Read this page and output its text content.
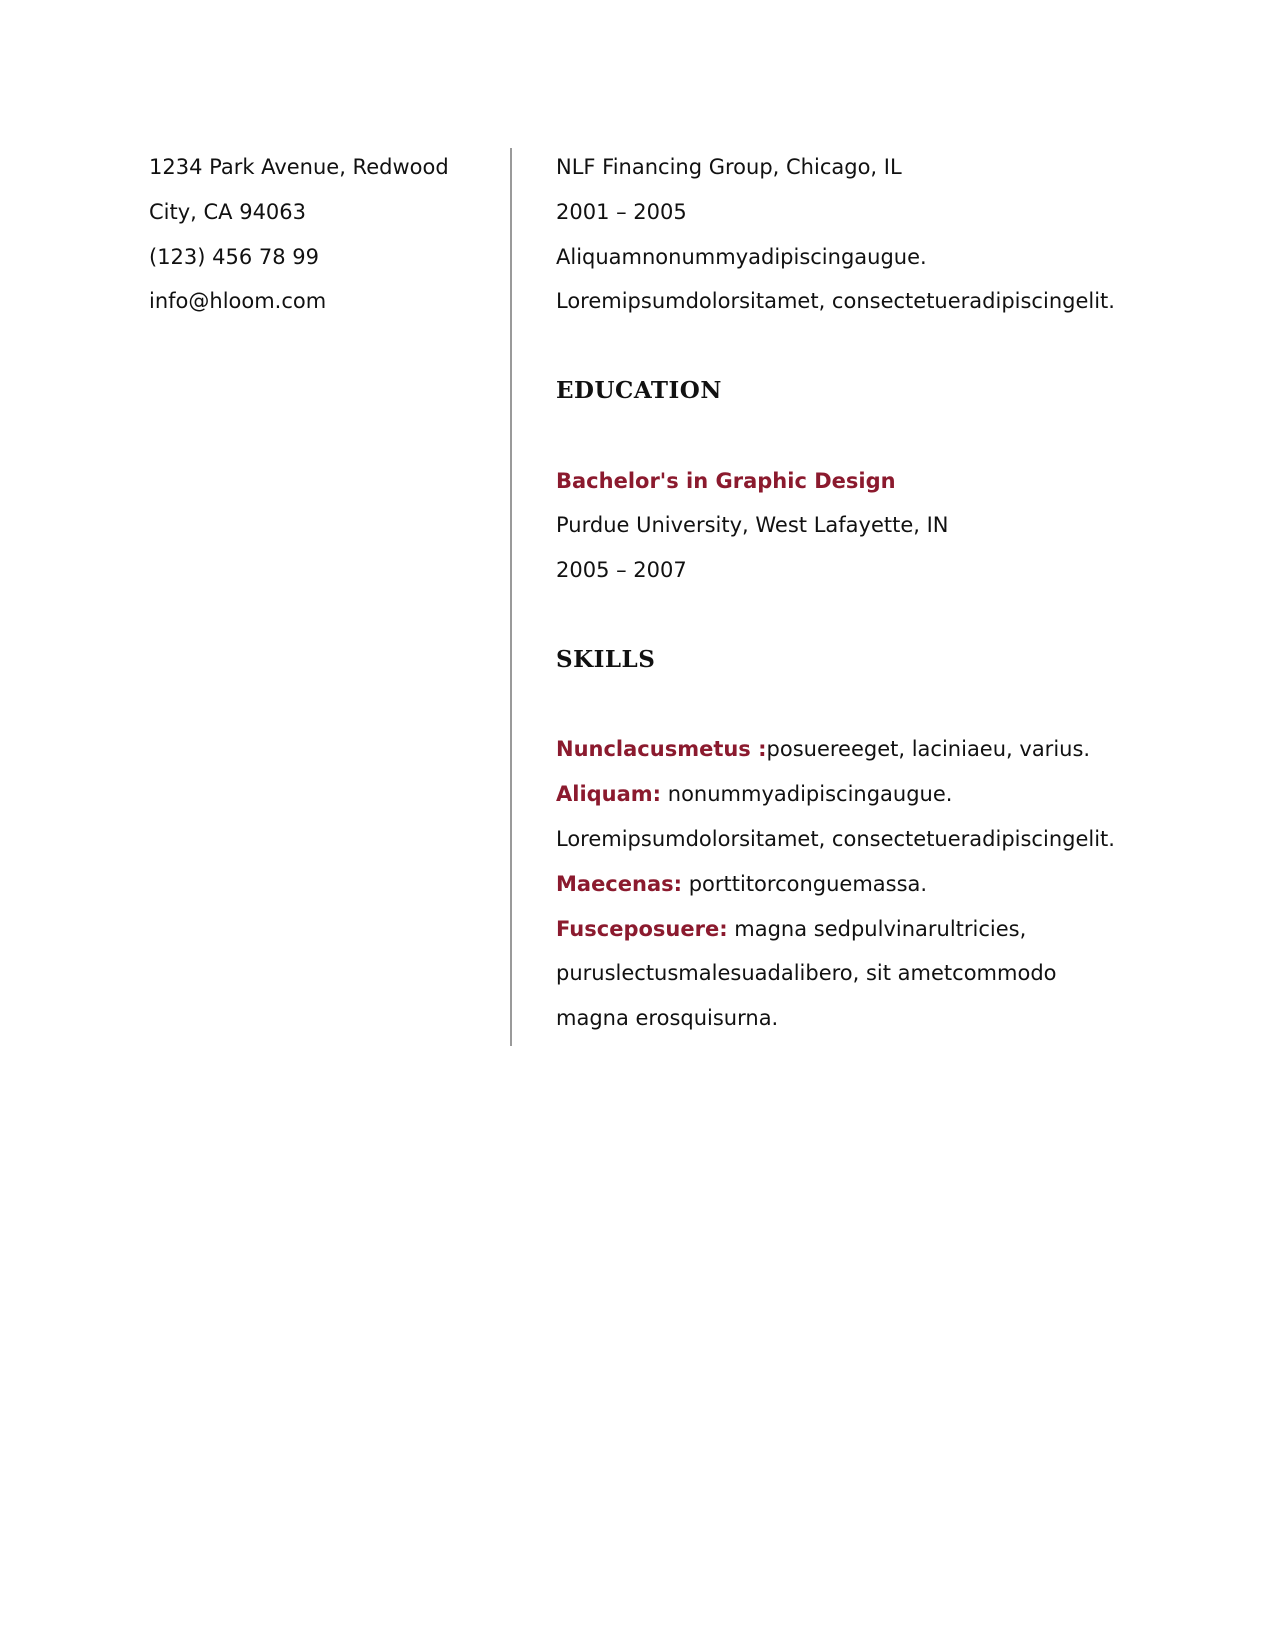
1234 Park Avenue, Redwood
City, CA 94063
(123) 456 78 99
info@hloom.com
NLF Financing Group, Chicago, IL
2001 – 2005
Aliquamnonummyadipiscingaugue.
Loremipsumdolorsitamet, consectetueradipiscingelit.
EDUCATION
Bachelor's in Graphic Design
Purdue University, West Lafayette, IN
2005 – 2007
SKILLS
Nunclacusmetus :posuereeget, laciniaeu, varius.
Aliquam: nonummyadipiscingaugue.
Loremipsumdolorsitamet, consectetueradipiscingelit.
Maecenas: porttitorconguemassa.
Fusceposuere: magna sedpulvinarultricies,
puruslectusmalesuadalibero, sit ametcommodo
magna erosquisurna.
